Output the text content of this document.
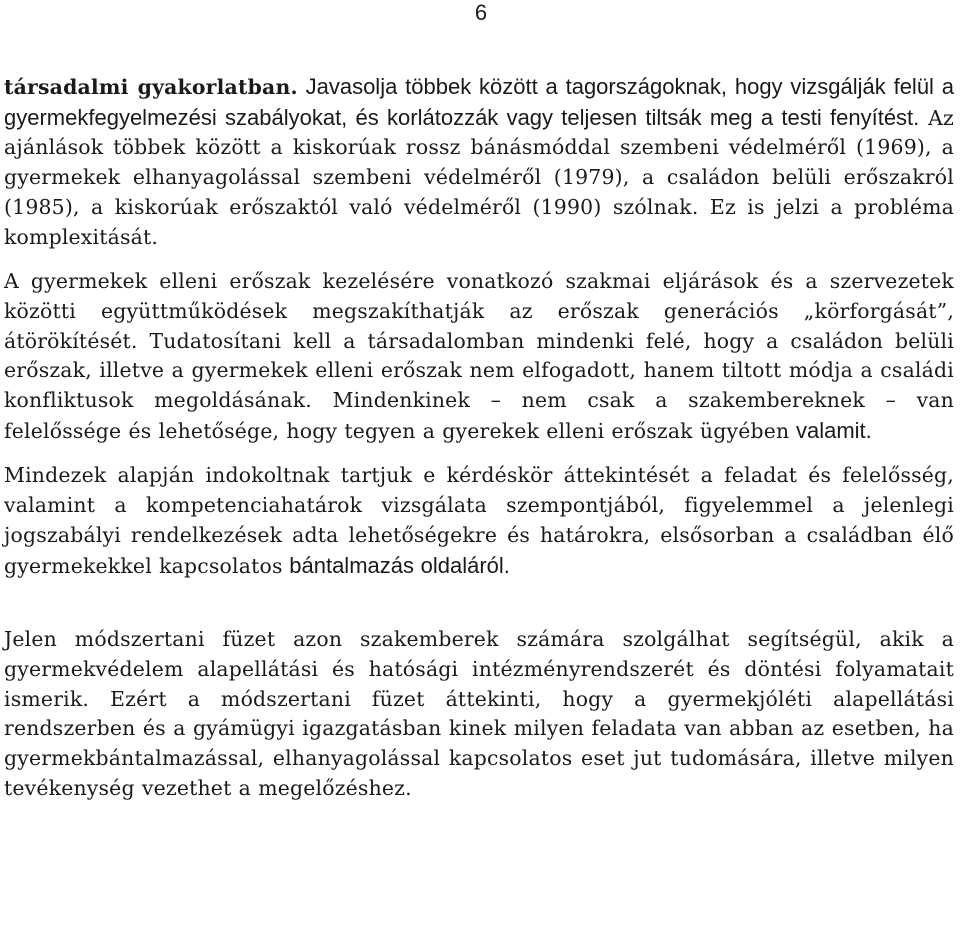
6

társadalmi gyakorlatban. Javasolja többek között a tagországoknak, hogy vizsgálják felül a gyermekfegyelmezési szabályokat, és korlátozzák vagy teljesen tiltsák meg a testi fenyítést. Az ajánlások többek között a kiskorúak rossz bánásmóddal szembeni védelméről (1969), a gyermekek elhanyagolással szembeni védelméről (1979), a családon belüli erőszakról (1985), a kiskorúak erőszaktól való védelméről (1990) szólnak. Ez is jelzi a probléma komplexitását.

A gyermekek elleni erőszak kezelésére vonatkozó szakmai eljárások és a szervezetek közötti együttműködések megszakíthatják az erőszak generációs „körforgását”, átörökítését. Tudatosítani kell a társadalomban mindenki felé, hogy a családon belüli erőszak, illetve a gyermekek elleni erőszak nem elfogadott, hanem tiltott módja a családi konfliktusok megoldásának. Mindenkinek – nem csak a szakembereknek – van felelőssége és lehetősége, hogy tegyen a gyerekek elleni erőszak ügyében valamit.

Mindezek alapján indokoltnak tartjuk e kérdéskör áttekintését a feladat és felelősség, valamint a kompetenciahatárok vizsgálata szempontjából, figyelemmel a jelenlegi jogszabályi rendelkezések adta lehetőségekre és határokra, elsősorban a családban élő gyermekekkel kapcsolatos bántalmazás oldaláról.

Jelen módszertani füzet azon szakemberek számára szolgálhat segítségül, akik a gyermekvédelem alapellátási és hatósági intézményrendszerét és döntési folyamatait ismerik. Ezért a módszertani füzet áttekinti, hogy a gyermekjóléti alapellátási rendszerben és a gyámügyi igazgatásban kinek milyen feladata van abban az esetben, ha gyermekbántalmazással, elhanyagolással kapcsolatos eset jut tudomására, illetve milyen tevékenység vezethet a megelőzéshez.
